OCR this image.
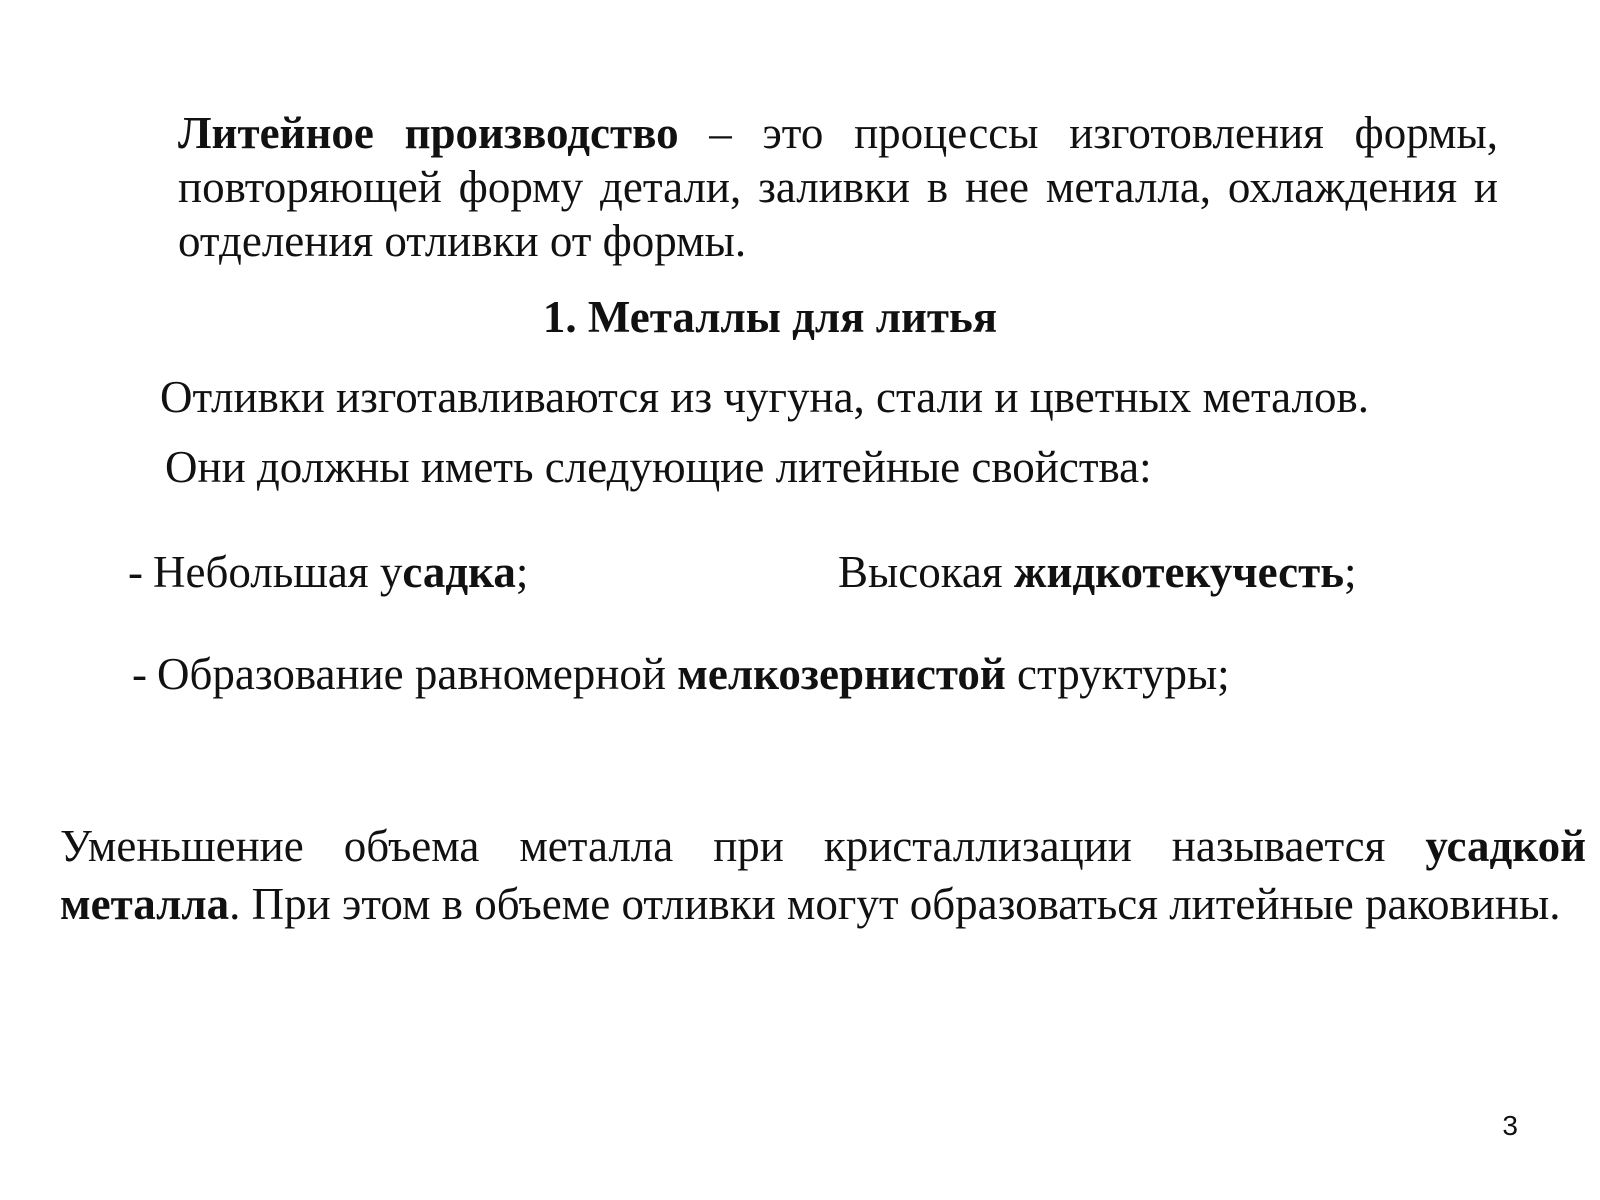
Литейное производство – это процессы изготовления формы, повторяющей форму детали, заливки в нее металла, охлаждения и отделения отливки от формы.

1. Металлы для литья

Отливки изготавливаются из чугуна, стали и цветных металов.

Они должны иметь следующие литейные свойства:

- Небольшая усадка;	Высокая жидкотекучесть;

- Образование равномерной мелкозернистой структуры;

Уменьшение объема металла при кристаллизации называется усадкой металла. При этом в объеме отливки могут образоваться литейные раковины.

3
